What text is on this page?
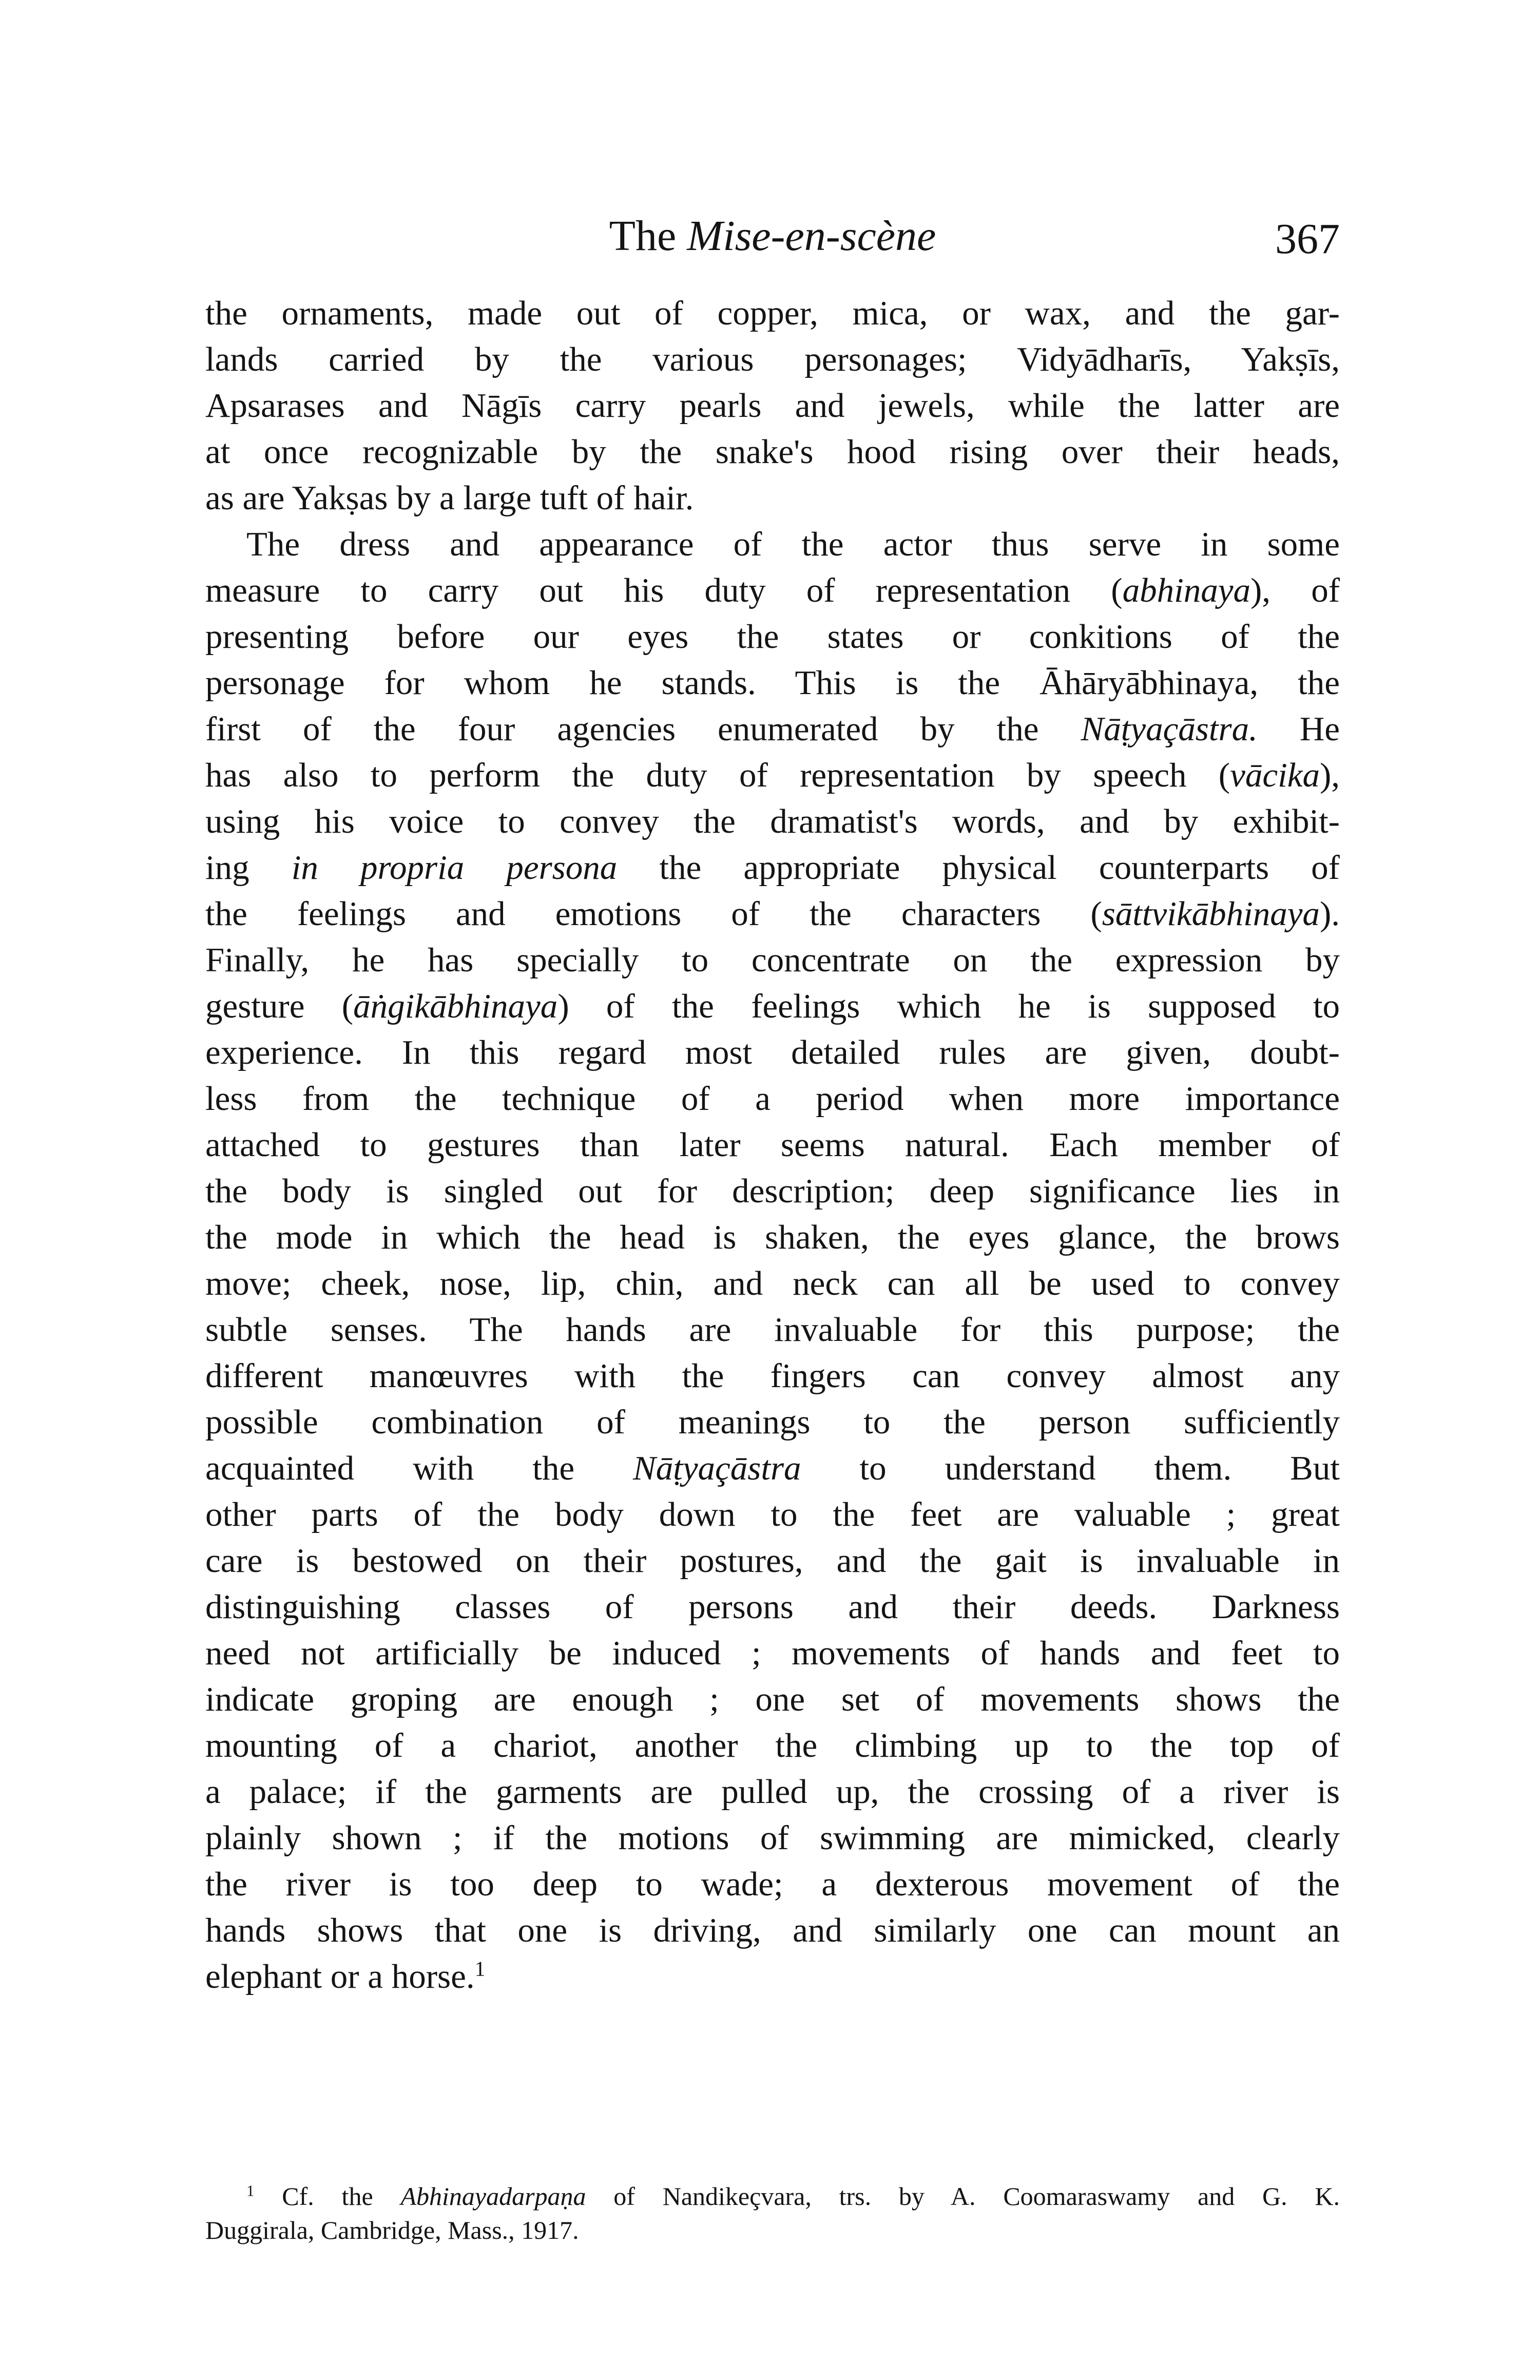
The Mise-en-scène	367
the ornaments, made out of copper, mica, or wax, and the gar-
lands carried by the various personages; Vidyādharīs, Yakṣīs,
Apsarases and Nāgīs carry pearls and jewels, while the latter are
at once recognizable by the snake's hood rising over their heads,
as are Yakṣas by a large tuft of hair.
The dress and appearance of the actor thus serve in some
measure to carry out his duty of representation (abhinaya), of
presenting before our eyes the states or conkitions of the
personage for whom he stands. This is the Āhāryābhinaya, the
first of the four agencies enumerated by the Nāṭyaçāstra. He
has also to perform the duty of representation by speech (vācika),
using his voice to convey the dramatist's words, and by exhibit-
ing in propria persona the appropriate physical counterparts of
the feelings and emotions of the characters (sāttvikābhinaya).
Finally, he has specially to concentrate on the expression by
gesture (āṅgikābhinaya) of the feelings which he is supposed to
experience. In this regard most detailed rules are given, doubt-
less from the technique of a period when more importance
attached to gestures than later seems natural. Each member of
the body is singled out for description; deep significance lies in
the mode in which the head is shaken, the eyes glance, the brows
move; cheek, nose, lip, chin, and neck can all be used to convey
subtle senses. The hands are invaluable for this purpose; the
different manœuvres with the fingers can convey almost any
possible combination of meanings to the person sufficiently
acquainted with the Nāṭyaçāstra to understand them. But
other parts of the body down to the feet are valuable ; great
care is bestowed on their postures, and the gait is invaluable in
distinguishing classes of persons and their deeds. Darkness
need not artificially be induced ; movements of hands and feet to
indicate groping are enough ; one set of movements shows the
mounting of a chariot, another the climbing up to the top of
a palace; if the garments are pulled up, the crossing of a river is
plainly shown ; if the motions of swimming are mimicked, clearly
the river is too deep to wade; a dexterous movement of the
hands shows that one is driving, and similarly one can mount an
elephant or a horse.$^1$
$^1$ Cf. the Abhinayadarpaṇa of Nandikeçvara, trs. by A. Coomaraswamy and G. K.
Duggirala, Cambridge, Mass., 1917.
